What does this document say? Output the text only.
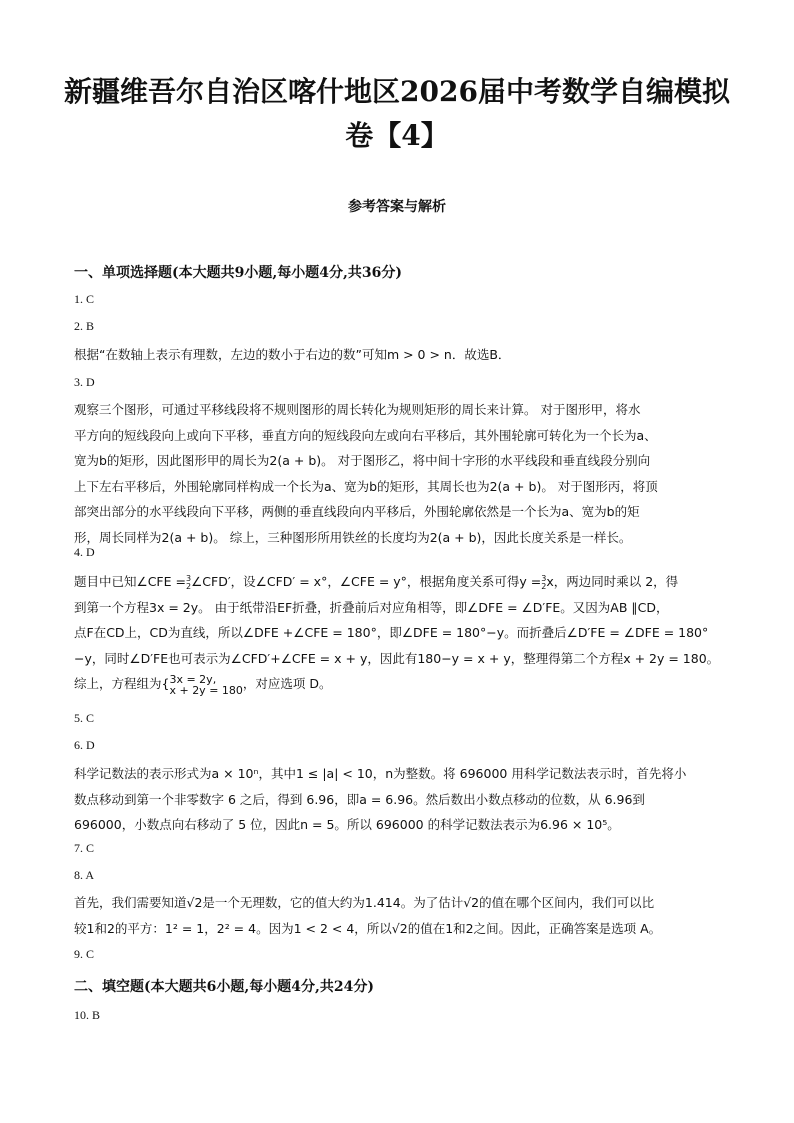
新疆维吾尔自治区喀什地区2026届中考数学自编模拟
卷【4】
参考答案与解析
一、单项选择题(本大题共9小题,每小题4分,共36分)
1. C
2. B
根据“在数轴上表示有理数，左边的数小于右边的数”可知m > 0 > n．故选B．
3. D
观察三个图形，可通过平移线段将不规则图形的周长转化为规则矩形的周长来计算。 对于图形甲，将水
平方向的短线段向上或向下平移，垂直方向的短线段向左或向右平移后，其外围轮廓可转化为一个长为a、
宽为b的矩形，因此图形甲的周长为2(a + b)。 对于图形乙，将中间十字形的水平线段和垂直线段分别向
上下左右平移后，外围轮廓同样构成一个长为a、宽为b的矩形，其周长也为2(a + b)。 对于图形丙，将顶
部突出部分的水平线段向下平移，两侧的垂直线段向内平移后，外围轮廓依然是一个长为a、宽为b的矩
形，周长同样为2(a + b)。 综上，三种图形所用铁丝的长度均为2(a + b)，因此长度关系是一样长。
4. D
题目中已知∠CFE = 3
2 ∠CFD′，设∠CFD′ = x°，∠CFE = y°，根据角度关系可得y = 3
2 x，两边同时乘以 2，得
到第一个方程3x = 2y。 由于纸带沿EF折叠，折叠前后对应角相等，即∠DFE = ∠D′FE。又因为AB ∥CD，
点F在CD上，CD为直线，所以∠DFE +∠CFE = 180°，即∠DFE = 180°−y。而折叠后∠D′FE = ∠DFE = 180°
−y，同时∠D′FE也可表示为∠CFD′+∠CFE = x + y，因此有180−y = x + y，整理得第二个方程x + 2y = 180。
综上，方程组为{ 3x = 2y,
x + 2y = 180 ，对应选项 D。
5. C
6. D
科学记数法的表示形式为a × 10ⁿ，其中1 ≤ |a| < 10，n为整数。将 696000 用科学记数法表示时，首先将小
数点移动到第一个非零数字 6 之后，得到 6.96，即a = 6.96。然后数出小数点移动的位数，从 6.96到
696000，小数点向右移动了 5 位，因此n = 5。所以 696000 的科学记数法表示为6.96 × 10⁵。
7. C
8. A
首先，我们需要知道√2是一个无理数，它的值大约为1.414。为了估计√2的值在哪个区间内，我们可以比
较1和2的平方：1² = 1，2² = 4。因为1 < 2 < 4，所以√2的值在1和2之间。因此，正确答案是选项 A。
9. C
二、填空题(本大题共6小题,每小题4分,共24分)
10. B
